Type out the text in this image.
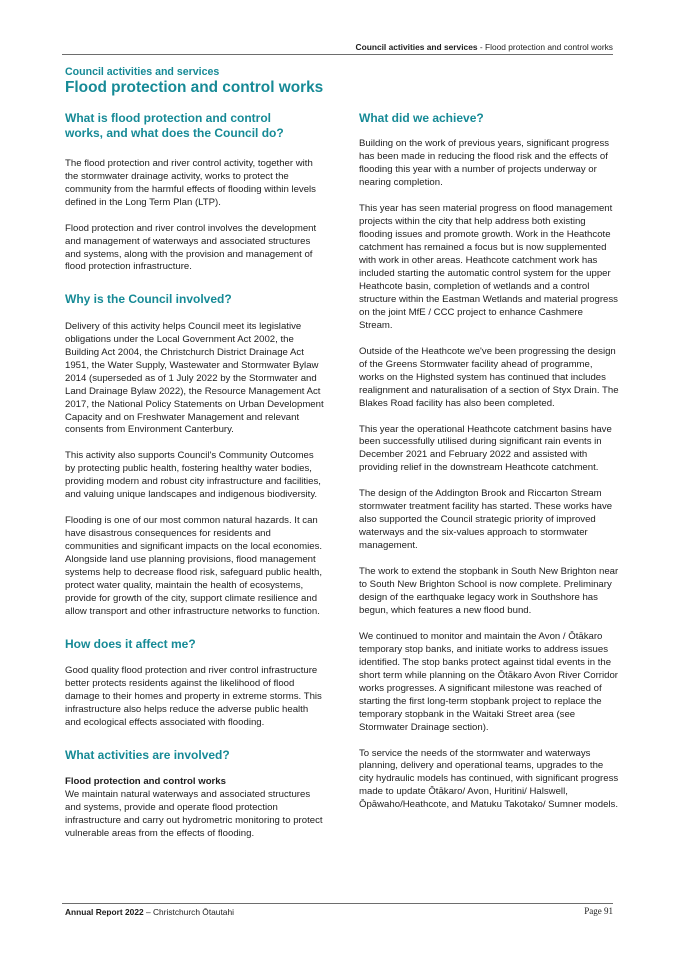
Council activities and services - Flood protection and control works
Council activities and services
Flood protection and control works
What is flood protection and control works, and what does the Council do?

The flood protection and river control activity, together with the stormwater drainage activity, works to protect the community from the harmful effects of flooding within levels defined in the Long Term Plan (LTP).

Flood protection and river control involves the development and management of waterways and associated structures and systems, along with the provision and management of flood protection infrastructure.

Why is the Council involved?

Delivery of this activity helps Council meet its legislative obligations under the Local Government Act 2002, the Building Act 2004, the Christchurch District Drainage Act 1951, the Water Supply, Wastewater and Stormwater Bylaw 2014 (superseded as of 1 July 2022 by the Stormwater and Land Drainage Bylaw 2022), the Resource Management Act 2017, the National Policy Statements on Urban Development Capacity and on Freshwater Management and relevant consents from Environment Canterbury.

This activity also supports Council's Community Outcomes by protecting public health, fostering healthy water bodies, providing modern and robust city infrastructure and facilities, and valuing unique landscapes and indigenous biodiversity.

Flooding is one of our most common natural hazards. It can have disastrous consequences for residents and communities and significant impacts on the local economies. Alongside land use planning provisions, flood management systems help to decrease flood risk, safeguard public health, protect water quality, maintain the health of ecosystems, provide for growth of the city, support climate resilience and allow transport and other infrastructure networks to function.

How does it affect me?

Good quality flood protection and river control infrastructure better protects residents against the likelihood of flood damage to their homes and property in extreme storms. This infrastructure also helps reduce the adverse public health and ecological effects associated with flooding.

What activities are involved?

Flood protection and control works

We maintain natural waterways and associated structures and systems, provide and operate flood protection infrastructure and carry out hydrometric monitoring to protect vulnerable areas from the effects of flooding.

What did we achieve?

Building on the work of previous years, significant progress has been made in reducing the flood risk and the effects of flooding this year with a number of projects underway or nearing completion.

This year has seen material progress on flood management projects within the city that help address both existing flooding issues and promote growth. Work in the Heathcote catchment has remained a focus but is now supplemented with work in other areas. Heathcote catchment work has included starting the automatic control system for the upper Heathcote basin, completion of wetlands and a control structure within the Eastman Wetlands and material progress on the joint MfE / CCC project to enhance Cashmere Stream.

Outside of the Heathcote we've been progressing the design of the Greens Stormwater facility ahead of programme, works on the Highsted system has continued that includes realignment and naturalisation of a section of Styx Drain. The Blakes Road facility has also been completed.

This year the operational Heathcote catchment basins have been successfully utilised during significant rain events in December 2021 and February 2022 and assisted with providing relief in the downstream Heathcote catchment.

The design of the Addington Brook and Riccarton Stream stormwater treatment facility has started. These works have also supported the Council strategic priority of improved waterways and the six-values approach to stormwater management.

The work to extend the stopbank in South New Brighton near to South New Brighton School is now complete. Preliminary design of the earthquake legacy work in Southshore has begun, which features a new flood bund.

We continued to monitor and maintain the Avon / Ōtākaro temporary stop banks, and initiate works to address issues identified. The stop banks protect against tidal events in the short term while planning on the Ōtākaro Avon River Corridor works progresses. A significant milestone was reached of starting the first long-term stopbank project to replace the temporary stopbank in the Waitaki Street area (see Stormwater Drainage section).

To service the needs of the stormwater and waterways planning, delivery and operational teams, upgrades to the city hydraulic models has continued, with significant progress made to update Ōtākaro/ Avon, Huritini/ Halswell, Ōpāwaho/Heathcote, and Matuku Takotako/ Sumner models.

Annual Report 2022 – Christchurch Ōtautahi	Page 91
